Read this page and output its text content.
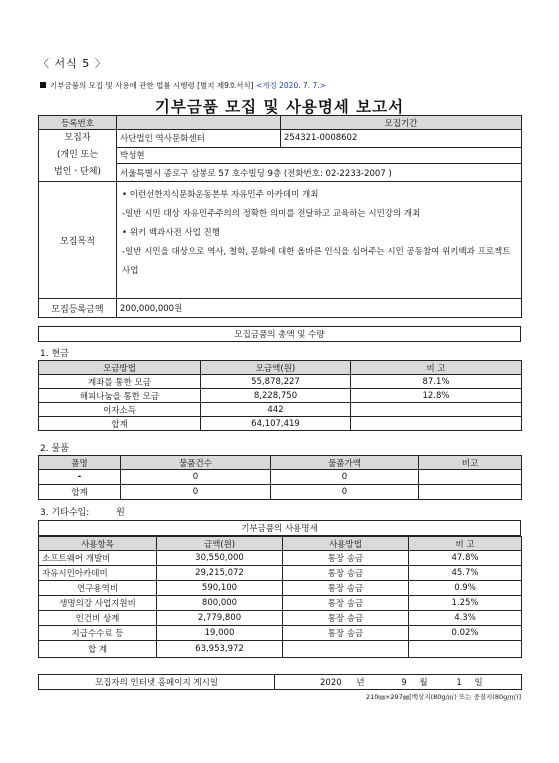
〈 서식 5 〉
기부금품의 모집 및 사용에 관한 법률 시행령 [별지 제9호서식] <개정 2020. 7. 7.>
기부금품 모집 및 사용명세 보고서
등록번호		모집기간
모집자
(개인 또는
법인ㆍ단체)	사단법인 역사문화센터	254321-0008602
	박성현	
	서울특별시 종로구 삼봉로 57 호수빌딩 9층 (전화번호: 02-2233-2007 )	
모집목적	• 이런선한지식문화운동본부 자유민주 아카데미 개최
-일반 시민 대상 자유민주주의의 정확한 의미를 전달하고 교육하는 시민강의 개최
• 위키 백과사전 사업 진행
-일반 시민을 대상으로 역사, 철학, 문화에 대한 올바른 인식을 심어주는 시민 공동참여 위키백과 프로젝트 사업	

모집등록금액	200,000,000원	
모집금품의 총액 및 수량
1. 현금
모금방법	모금액(원)	비 고
계좌를 통한 모금	55,878,227	87.1%
해피나눔을 통한 모금	8,228,750	12.8%
이자소득	442	
합계	64,107,419	
2. 물품
품명	물품건수	물품가액	비고
-	0	0	
합계	0	0	
3. 기타수입:	원
기부금품의 사용명세
사용항목	금액(원)	사용방법	비 고
소프트웨어 개발비	30,550,000	통장 송금	47.8%
자유시민아카데미	29,215,072	통장 송금	45.7%
연구용역비	590,100	통장 송금	0.9%
생명의강 사업지원비	800,000	통장 송금	1.25%
인건비 상계	2,779,800	통장 송금	4.3%
지급수수료 등	19,000	통장 송금	0.02%
합 계	63,953,972		
모집자의 인터넷 홈페이지 게시일	2020 년	9 월	1 일
210㎜×297㎜[백상지(80g/㎡) 또는 중질지(80g/㎡)]
